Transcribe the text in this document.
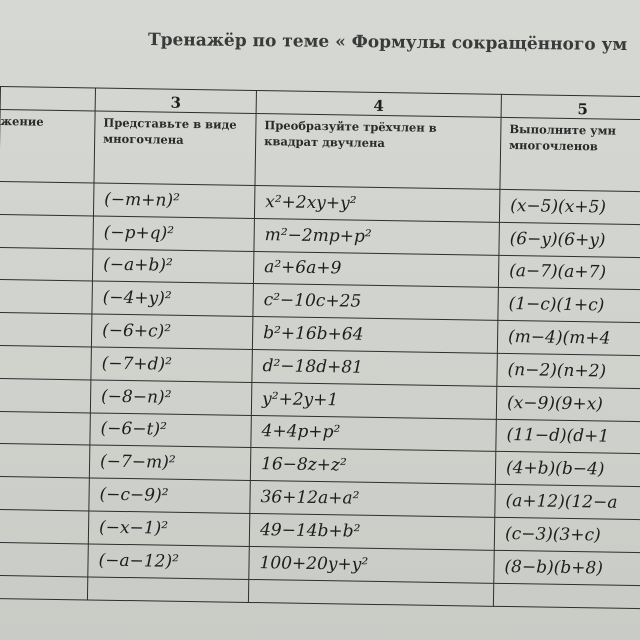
Тренажёр по теме « Формулы сокращённого ум
	3	4	5
жение	Представьте в виде многочлена	Преобразуйте трёхчлен в квадрат двучлена	Выполните умн многочленов
	(−m+n)²	x²+2xy+y²	(x−5)(x+5)
	(−p+q)²	m²−2mp+p²	(6−y)(6+y)
	(−a+b)²	a²+6a+9	(a−7)(a+7)
	(−4+y)²	c²−10c+25	(1−c)(1+c)
	(−6+c)²	b²+16b+64	(m−4)(m+4
	(−7+d)²	d²−18d+81	(n−2)(n+2)
	(−8−n)²	y²+2y+1	(x−9)(9+x)
	(−6−t)²	4+4p+p²	(11−d)(d+1
	(−7−m)²	16−8z+z²	(4+b)(b−4)
	(−c−9)²	36+12a+a²	(a+12)(12−a
	(−x−1)²	49−14b+b²	(c−3)(3+c)
	(−a−12)²	100+20y+y²	(8−b)(b+8)
